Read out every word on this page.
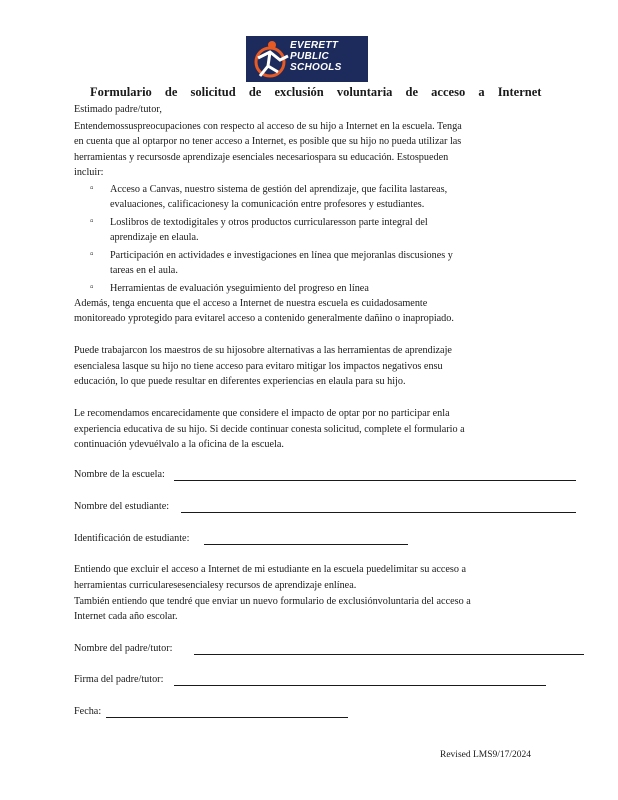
EVERETT
PUBLIC
SCHOOLS
Formulario de solicitud de exclusión voluntaria de acceso a Internet
Estimado padre/tutor,
Entendemossuspreocupaciones con respecto al acceso de su hijo a Internet en la escuela. Tenga
en cuenta que al optarpor no tener acceso a Internet, es posible que su hijo no pueda utilizar las
herramientas y recursosde aprendizaje esenciales necesariospara su educación. Estospueden
incluir:
▫ Acceso a Canvas, nuestro sistema de gestión del aprendizaje, que facilita lastareas,
evaluaciones, calificacionesy la comunicación entre profesores y estudiantes.
▫ Loslibros de textodigitales y otros productos curricularesson parte integral del
aprendizaje en elaula.
▫ Participación en actividades e investigaciones en línea que mejoranlas discusiones y
tareas en el aula.
▫ Herramientas de evaluación yseguimiento del progreso en línea
Además, tenga encuenta que el acceso a Internet de nuestra escuela es cuidadosamente
monitoreado yprotegido para evitarel acceso a contenido generalmente dañino o inapropiado.
Puede trabajarcon los maestros de su hijosobre alternativas a las herramientas de aprendizaje
esencialesa lasque su hijo no tiene acceso para evitaro mitigar los impactos negativos ensu
educación, lo que puede resultar en diferentes experiencias en elaula para su hijo.
Le recomendamos encarecidamente que considere el impacto de optar por no participar enla
experiencia educativa de su hijo. Si decide continuar conesta solicitud, complete el formulario a
continuación ydevuélvalo a la oficina de la escuela.
Nombre de la escuela:
Nombre del estudiante:
Identificación de estudiante:
Entiendo que excluir el acceso a Internet de mi estudiante en la escuela puedelimitar su acceso a
herramientas curricularesesencialesy recursos de aprendizaje enlínea.
También entiendo que tendré que enviar un nuevo formulario de exclusiónvoluntaria del acceso a
Internet cada año escolar.
Nombre del padre/tutor:
Firma del padre/tutor:
Fecha:
Revised LMS9/17/2024
